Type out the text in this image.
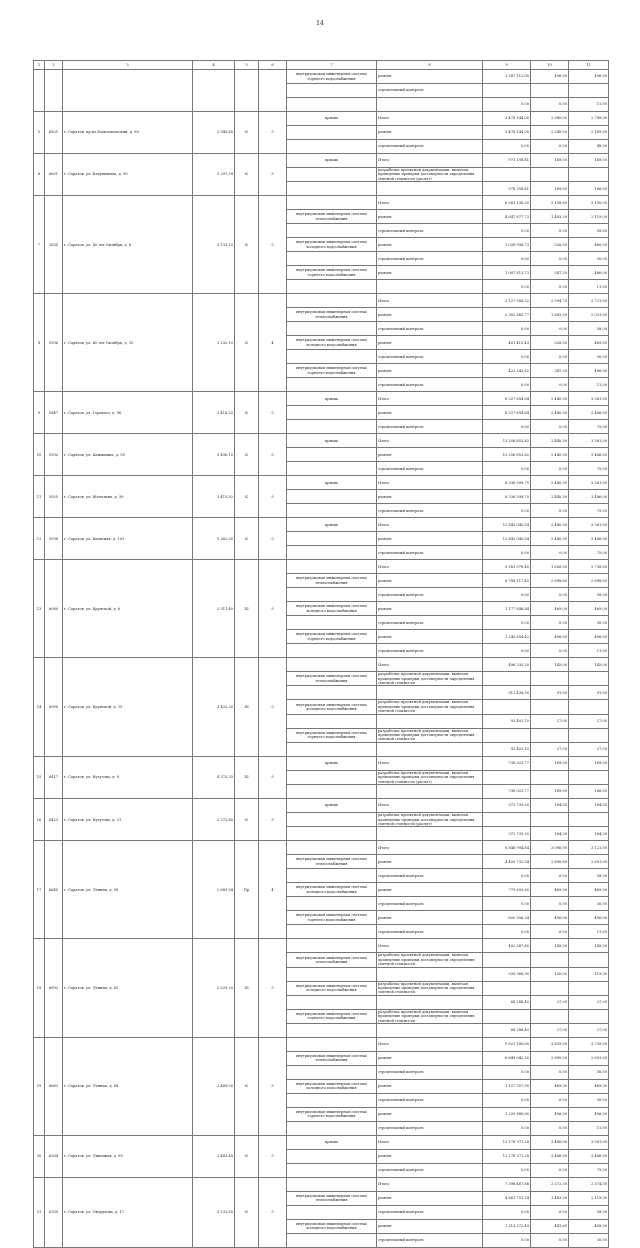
14
1	2	3	4	5	6	7	8	9	10	11
						внутридомовая инженерная система горячего водоснабжения	ремонт	1 587 112,00	496,00	496,00
							строительный контроль			
								0,00	0,00	11,00
5	6821	г. Саратов, пр-кт Комсомольский, д. 89	2 945,60	К	5	крыша	Итого	5 478 144,00	2 940,00	2 788,00
							ремонт	5 478 144,00	2 240,00	2 169,00
							строительный контроль	0,00	0,00	48,00
6	6651	г. Саратов, ул. Блаушевича, д. 99	5 297,39	К	5	крыша	Итого	973 158,81	169,00	169,00
							разработка проектной документации, включая проведение проверки достоверности определения сметной стоимости (расчет)			
								978 358,81	169,00	166,00
7	3835	г. Саратов, ул. 40 лет Октября, д. 6	3 133,10	К	5		Итого	6 563 136,20	2 138,80	2 150,00
						внутридомовая инженерная система теплоснабжения	ремонт	4 647 877,73	1 483,30	2 119,00
							строительный контроль	0,00	0,00	58,00
						внутридомовая инженерная система холодного водоснабжения	ремонт	1 028 996,73	328,30	460,00
							строительный контроль	0,00	0,00	30,00
						внутридомовая инженерная система горячего водоснабжения	ремонт	1 087 812,73	347,20	466,00
								0,00	0,00	11,00
8	5936	г. Саратов, ул. 40 лет Октября, д. 10	3 232,10	К	4		Итого	3 127 958,32	2 594,70	2 721,00
						внутридомовая инженерная система теплоснабжения	ремонт	2 302 865,77	1 883,30	2 031,00
							строительный контроль	0,00	0,00	58,00
						внутридомовая инженерная система холодного водоснабжения	ремонт	401 415,43	328,30	469,00
							строительный контроль	0,00	0,00	30,00
						внутридомовая инженерная система горячего водоснабжения	ремонт	423 243,82	347,20	496,00
							строительный контроль	0,00	0,00	11,00
9	5847	г. Саратов, ул. Горького, д. 96	3 418,20	К	5	крыша	Итого	8 327 694,64	2 440,30	3 561,00
							ремонт	8 327 694,64	2 440,30	3 486,00
							строительный контроль	0,00	0,00	75,00
10	5932	г. Саратов, ул. Камышина, д. 95	5 496,10	К	5	крыша	Итого	13 256 853,82	2 440,30	3 561,00
							ремонт	13 256 853,82	2 440,30	3 486,00
							строительный контроль	0,00	0,00	75,00
11	5925	г. Саратов, ул. Железина, д. 39	3 415,92	К	5	крыша	Итого	8 336 598,70	2 440,30	3 561,00
							ремонт	8 336 598,70	2 440,30	3 486,00
							строительный контроль	0,00	0,00	75,00
12	5938	г. Саратов, ул. Киевская, д. 103	5 262,30	К	5	крыша	Итого	12 842 040,54	2 440,30	3 561,00
							ремонт	12 842 040,54	2 440,30	3 486,00
							строительный контроль	0,00	0,00	75,00
13	6080	г. Саратов, ул. Крупской, д. 6	2 511,40	III	5		Итого	9 381 978,40	1 656,90	2 738,00
						внутридомовая инженерная система теплоснабжения	ремонт	6 788 117,45	2 698,80	2 698,00
							строительный контроль	0,00	0,00	58,00
						внутридомовая инженерная система холодного водоснабжения	ремонт	1 177 846,84	469,00	469,00
							строительный контроль	0,00	0,00	30,00
						внутридомовая инженерная система горячего водоснабжения	ремонт	1 245 654,42	496,00	496,00
							строительный контроль	0,00	0,00	11,00
14	6090	г. Саратов, ул. Крупской, д. 15	3 422,30	III	5		Итого	496 235,20	145,00	145,00
						внутридомовая инженерная система теплоснабжения	разработка проектной документации, включая проведение проверки достоверности определения сметной стоимости			
								311 438,30	91,00	91,00
						внутридомовая инженерная система холодного водоснабжения	разработка проектной документации, включая проведение проверки достоверности определения сметной стоимости			
								92 402,10	27,00	27,00
						внутридомовая инженерная система горячего водоснабжения	разработка проектной документации, включая проведение проверки достоверности определения сметной стоимости			
								92 402,10	27,00	27,00
15	6417	г. Саратов, ул. Кутузова, д. 8	4 372,33	III	5	крыша	Итого	738 923,77	169,00	169,00
							разработка проектной документации, включая проведение проверки достоверности определения сметной стоимости (расчет)			
								738 923,77	169,00	166,00
16	6423	г. Саратов, ул. Кутузова, д. 21	2 272,80	К	9	крыша	Итого	372 739,20	164,00	164,00
							разработка проектной документации, включая проведение проверки достоверности определения сметной стоимости (расчет)			
								372 739,20	164,00	164,00
17	6645	г. Саратов, ул. Ленина, д. 58	2 683,94	Пр	4		Итого	8 846 994,84	3 096,00	3 121,00
						внутридомовая инженерная система теплоснабжения	ремонт	4 450 732,54	2 690,80	2 691,00
							строительный контроль	0,00	0,00	58,00
						внутридомовая инженерная система холодного водоснабжения	ремонт	775 693,80	469,00	469,00
							строительный контроль	0,00	0,00	30,00
						внутридомовая инженерная система горячего водоснабжения	ремонт	820 356,24	496,00	496,00
							строительный контроль	0,00	0,00	11,00
18	6692	г. Саратов, ул. Ленина, д. 62	2 529,20	III	5		Итого	402 587,80	145,00	145,00
						внутридомовая инженерная система теплоснабжения	разработка проектной документации, включая проведение проверки достоверности определения сметной стоимости			
								335 366,90	120,00	119,00
						внутридомовая инженерная система холодного водоснабжения	разработка проектной документации, включая проведение проверки достоверности определения сметной стоимости			
								68 288,40	27,00	27,00
						внутридомовая инженерная система горячего водоснабжения	разработка проектной документации, включая проведение проверки достоверности определения сметной стоимости			
								68 288,40	27,00	27,00
19	6663	г. Саратов, ул. Ленина, д. 64	2 469,50	К	5		Итого	9 821 180,80	3 635,00	3 735,00
						внутридомовая инженерная система теплоснабжения	ремонт	6 649 042,30	2 690,00	2 691,00
							строительный контроль	0,00	0,00	58,00
						внутридомовая инженерная система холодного водоснабжения	ремонт	1 157 557,90	469,00	469,00
							строительный контроль	0,00	0,00	30,00
						внутридомовая инженерная система горячего водоснабжения	ремонт	1 225 880,60	496,00	496,00
							строительный контроль	0,00	0,00	11,00
20	6304	г. Саратов, ул. Липецкая, д. 85	2 483,48	К	5	крыша	Итого	12 178 371,28	3 486,00	3 561,00
							ремонт	12 178 371,28	3 486,00	3 486,00
							строительный контроль	0,00	0,00	75,00
21	6339	г. Саратов, ул. Свердлова, д. 17	3 132,80	К	5		Итого	7 396 467,86	2 372,30	2 374,00
						внутридомовая инженерная система теплоснабжения	ремонт	4 861 751,24	1 483,30	2 119,00
							строительный контроль	0,00	0,00	58,00
						внутридомовая инженерная система холодного водоснабжения	ремонт	1 313 572,49	441,60	458,00
							строительный контроль	0,00	0,00	30,00
